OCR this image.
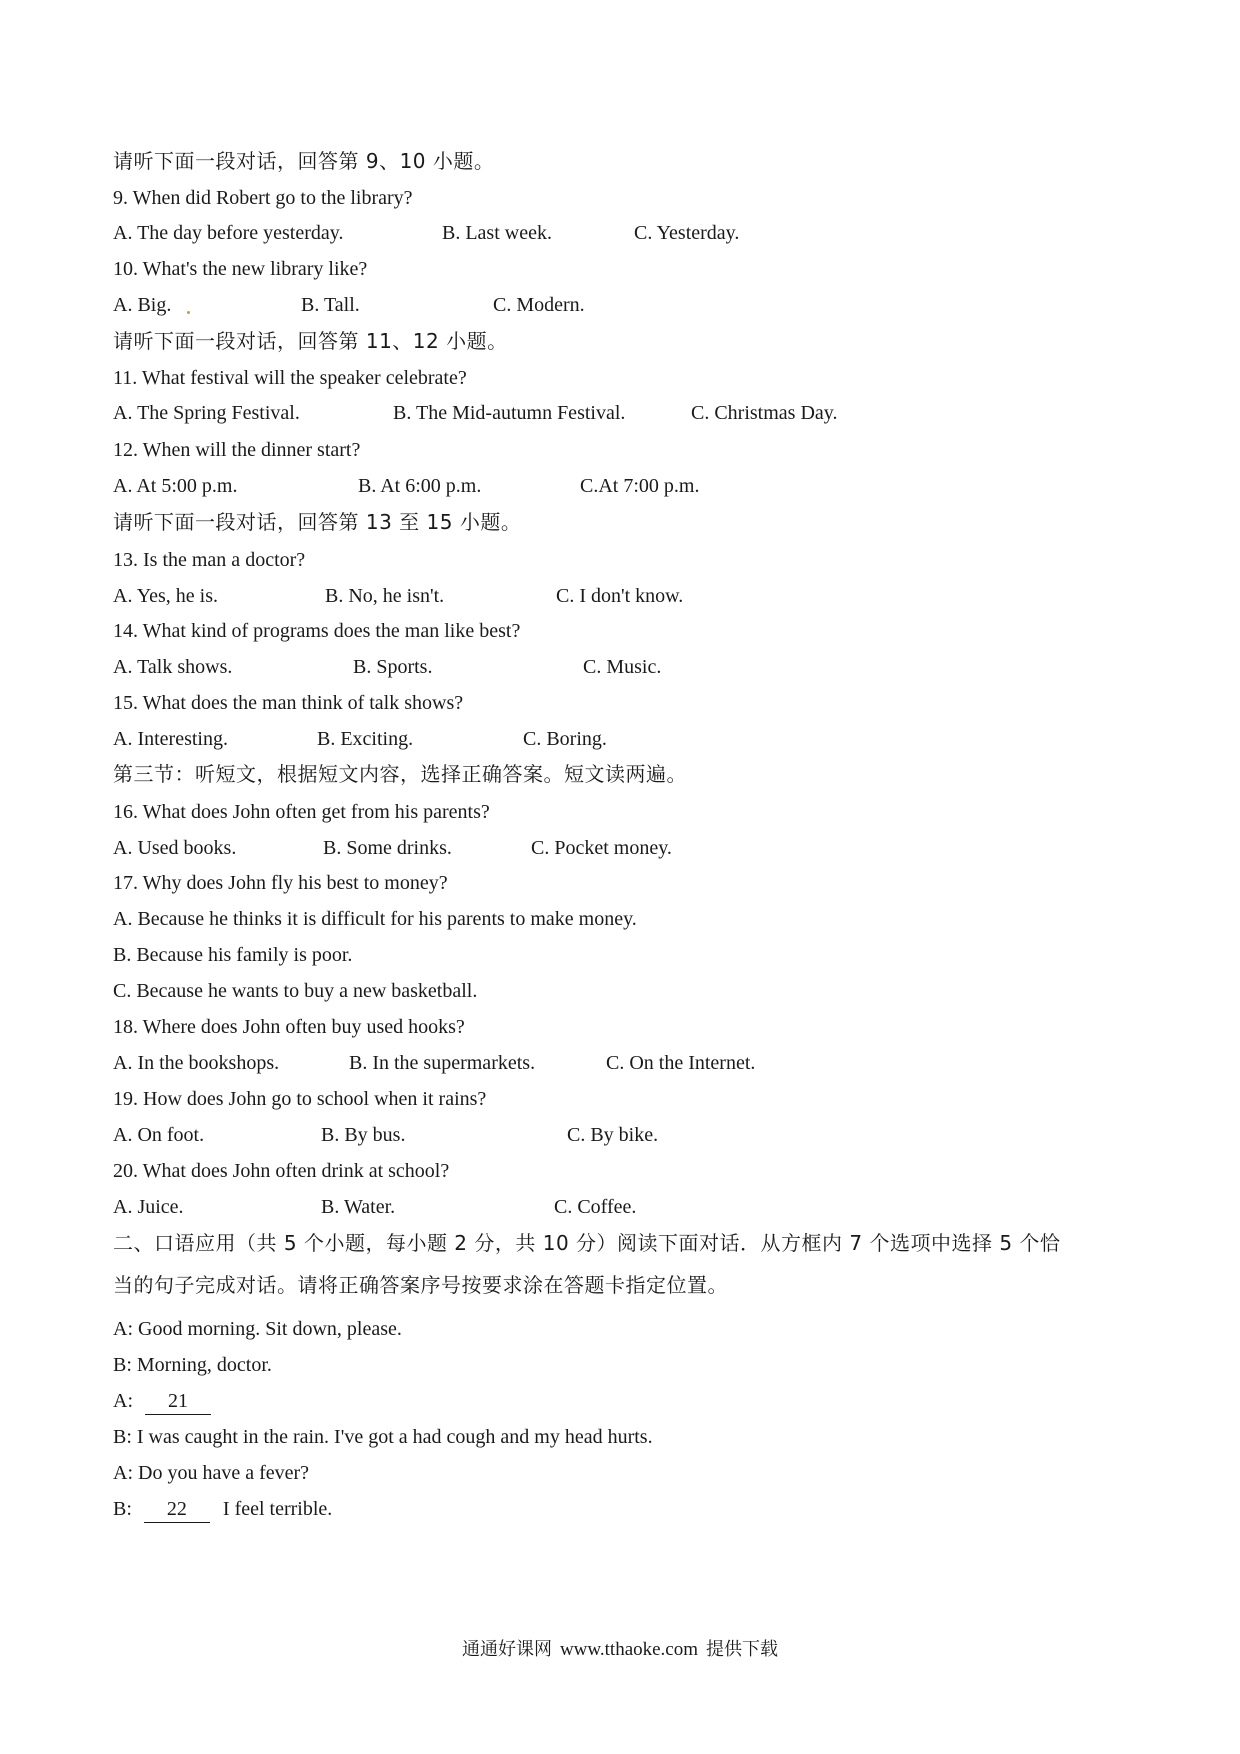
请听下面一段对话，回答第 9、10 小题。
9. When did Robert go to the library?
A. The day before yesterday.	B. Last week.	C. Yesterday.
10. What's the new library like?
A. Big.	B. Tall.	C. Modern.
请听下面一段对话，回答第 11、12 小题。
11. What festival will the speaker celebrate?
A. The Spring Festival.	B. The Mid-autumn Festival.	C. Christmas Day.
12. When will the dinner start?
A. At 5:00 p.m.	B. At 6:00 p.m.	C.At 7:00 p.m.
请听下面一段对话，回答第 13 至 15 小题。
13. Is the man a doctor?
A. Yes, he is.	B. No, he isn't.	C. I don't know.
14. What kind of programs does the man like best?
A. Talk shows.	B. Sports.	C. Music.
15. What does the man think of talk shows?
A. Interesting.	B. Exciting.	C. Boring.
第三节：听短文，根据短文内容，选择正确答案。短文读两遍。
16. What does John often get from his parents?
A. Used books.	B. Some drinks.	C. Pocket money.
17. Why does John fly his best to money?
A. Because he thinks it is difficult for his parents to make money.
B. Because his family is poor.
C. Because he wants to buy a new basketball.
18. Where does John often buy used hooks?
A. In the bookshops.	B. In the supermarkets.	C. On the Internet.
19. How does John go to school when it rains?
A. On foot.	B. By bus.	C. By bike.
20. What does John often drink at school?
A. Juice.	B. Water.	C. Coffee.
二、口语应用（共 5 个小题，每小题 2 分，共 10 分）阅读下面对话．从方框内 7 个选项中选择 5 个恰
当的句子完成对话。请将正确答案序号按要求涂在答题卡指定位置。
A: Good morning. Sit down, please.
B: Morning, doctor.
A: 21
B: I was caught in the rain. I've got a had cough and my head hurts.
A: Do you have a fever?
B: 22 I feel terrible.
通通好课网 www.tthaoke.com 提供下载
